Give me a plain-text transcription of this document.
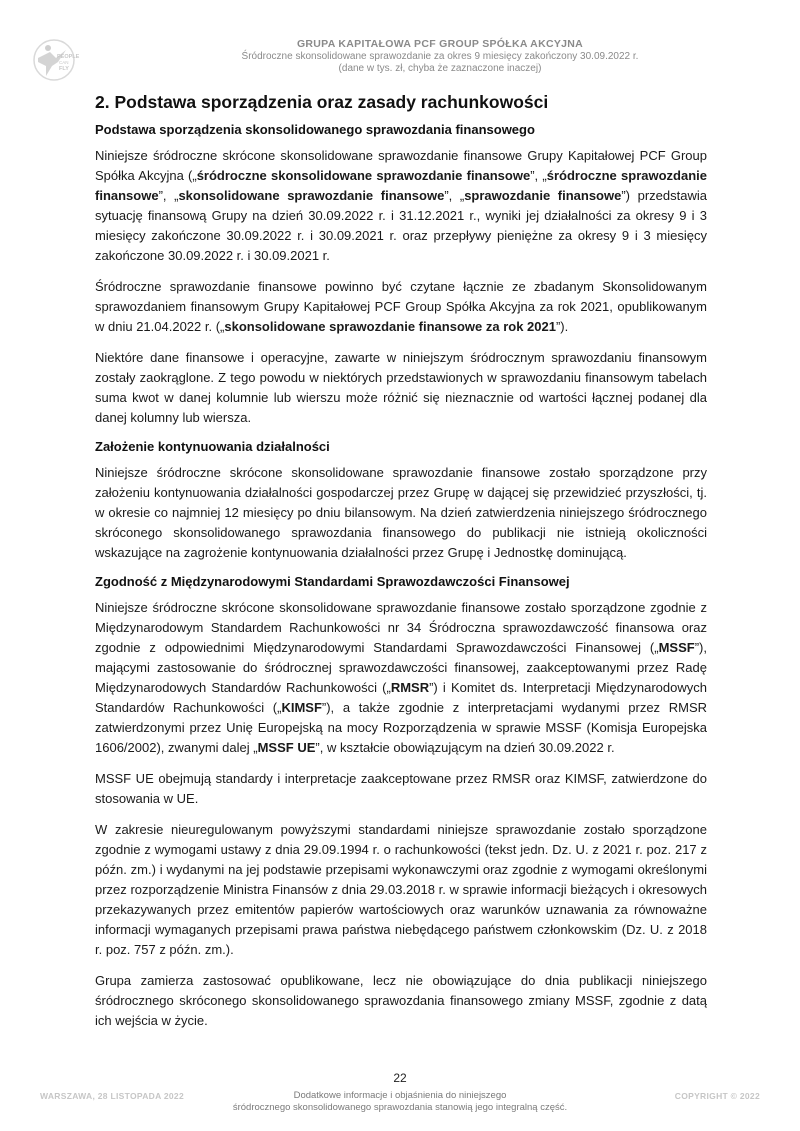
PEOPLE
CAN
FLY
GRUPA KAPITAŁOWA PCF GROUP SPÓŁKA AKCYJNA
Śródroczne skonsolidowane sprawozdanie za okres 9 miesięcy zakończony 30.09.2022 r.
(dane w tys. zł, chyba że zaznaczone inaczej)
2. Podstawa sporządzenia oraz zasady rachunkowości
Podstawa sporządzenia skonsolidowanego sprawozdania finansowego
Niniejsze śródroczne skrócone skonsolidowane sprawozdanie finansowe Grupy Kapitałowej PCF Group Spółka Akcyjna („śródroczne skonsolidowane sprawozdanie finansowe”, „śródroczne sprawozdanie finansowe”, „skonsolidowane sprawozdanie finansowe”, „sprawozdanie finansowe”) przedstawia sytuację finansową Grupy na dzień 30.09.2022 r. i 31.12.2021 r., wyniki jej działalności za okresy 9 i 3 miesięcy zakończone 30.09.2022 r. i 30.09.2021 r. oraz przepływy pieniężne za okresy 9 i 3 miesięcy zakończone 30.09.2022 r. i 30.09.2021 r.
Śródroczne sprawozdanie finansowe powinno być czytane łącznie ze zbadanym Skonsolidowanym sprawozdaniem finansowym Grupy Kapitałowej PCF Group Spółka Akcyjna za rok 2021, opublikowanym w dniu 21.04.2022 r. („skonsolidowane sprawozdanie finansowe za rok 2021”).
Niektóre dane finansowe i operacyjne, zawarte w niniejszym śródrocznym sprawozdaniu finansowym zostały zaokrąglone. Z tego powodu w niektórych przedstawionych w sprawozdaniu finansowym tabelach suma kwot w danej kolumnie lub wierszu może różnić się nieznacznie od wartości łącznej podanej dla danej kolumny lub wiersza.
Założenie kontynuowania działalności
Niniejsze śródroczne skrócone skonsolidowane sprawozdanie finansowe zostało sporządzone przy założeniu kontynuowania działalności gospodarczej przez Grupę w dającej się przewidzieć przyszłości, tj. w okresie co najmniej 12 miesięcy po dniu bilansowym. Na dzień zatwierdzenia niniejszego śródrocznego skróconego skonsolidowanego sprawozdania finansowego do publikacji nie istnieją okoliczności wskazujące na zagrożenie kontynuowania działalności przez Grupę i Jednostkę dominującą.
Zgodność z Międzynarodowymi Standardami Sprawozdawczości Finansowej
Niniejsze śródroczne skrócone skonsolidowane sprawozdanie finansowe zostało sporządzone zgodnie z Międzynarodowym Standardem Rachunkowości nr 34 Śródroczna sprawozdawczość finansowa oraz zgodnie z odpowiednimi Międzynarodowymi Standardami Sprawozdawczości Finansowej („MSSF”), mającymi zastosowanie do śródrocznej sprawozdawczości finansowej, zaakceptowanymi przez Radę Międzynarodowych Standardów Rachunkowości („RMSR”) i Komitet ds. Interpretacji Międzynarodowych Standardów Rachunkowości („KIMSF”), a także zgodnie z interpretacjami wydanymi przez RMSR zatwierdzonymi przez Unię Europejską na mocy Rozporządzenia w sprawie MSSF (Komisja Europejska 1606/2002), zwanymi dalej „MSSF UE”, w kształcie obowiązującym na dzień 30.09.2022 r.
MSSF UE obejmują standardy i interpretacje zaakceptowane przez RMSR oraz KIMSF, zatwierdzone do stosowania w UE.
W zakresie nieuregulowanym powyższymi standardami niniejsze sprawozdanie zostało sporządzone zgodnie z wymogami ustawy z dnia 29.09.1994 r. o rachunkowości (tekst jedn. Dz. U. z 2021 r. poz. 217 z późn. zm.) i wydanymi na jej podstawie przepisami wykonawczymi oraz zgodnie z wymogami określonymi przez rozporządzenie Ministra Finansów z dnia 29.03.2018 r. w sprawie informacji bieżących i okresowych przekazywanych przez emitentów papierów wartościowych oraz warunków uznawania za równoważne informacji wymaganych przepisami prawa państwa niebędącego państwem członkowskim (Dz. U. z 2018 r. poz. 757 z późn. zm.).
Grupa zamierza zastosować opublikowane, lecz nie obowiązujące do dnia publikacji niniejszego śródrocznego skróconego skonsolidowanego sprawozdania finansowego zmiany MSSF, zgodnie z datą ich wejścia w życie.
22
WARSZAWA, 28 LISTOPADA 2022	Dodatkowe informacje i objaśnienia do niniejszego
śródrocznego skonsolidowanego sprawozdania stanowią jego integralną część.
COPYRIGHT © 2022
